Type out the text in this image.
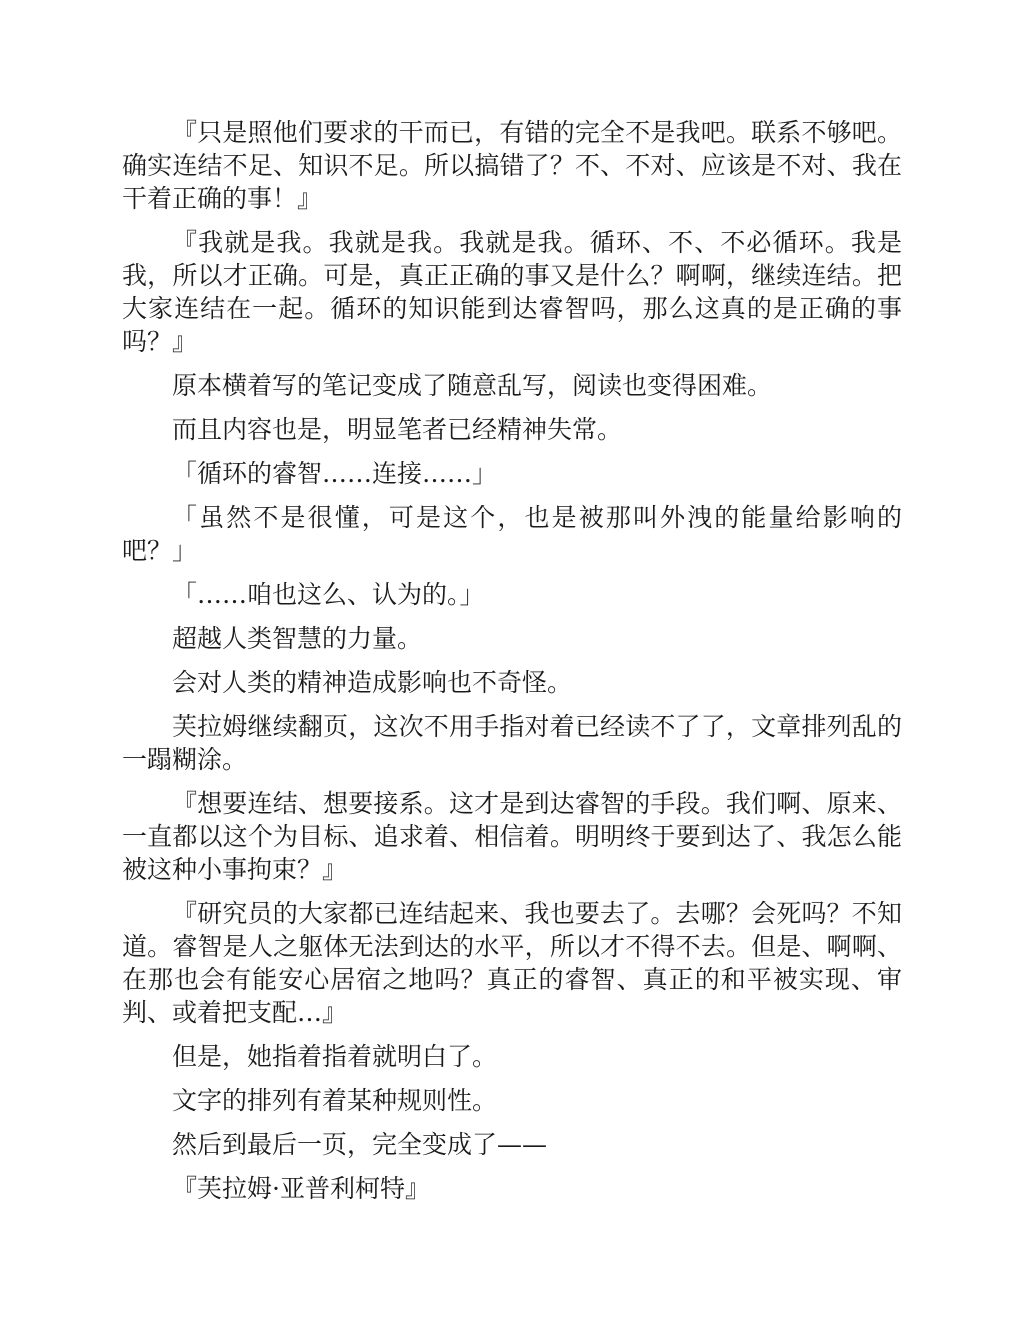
『只是照他们要求的干而已，有错的完全不是我吧。联系不够吧。确实连结不足、知识不足。所以搞错了？不、不对、应该是不对、我在干着正确的事！』

『我就是我。我就是我。我就是我。循环、不、不必循环。我是我，所以才正确。可是，真正正确的事又是什么？啊啊，继续连结。把大家连结在一起。循环的知识能到达睿智吗，那么这真的是正确的事吗？』

原本横着写的笔记变成了随意乱写，阅读也变得困难。

而且内容也是，明显笔者已经精神失常。

「循环的睿智……连接……」

「虽然不是很懂，可是这个，也是被那叫外洩的能量给影响的吧？」

「……咱也这么、认为的。」

超越人类智慧的力量。

会对人类的精神造成影响也不奇怪。

芙拉姆继续翻页，这次不用手指对着已经读不了了，文章排列乱的一蹋糊涂。

『想要连结、想要接系。这才是到达睿智的手段。我们啊、原来、一直都以这个为目标、追求着、相信着。明明终于要到达了、我怎么能被这种小事拘束？』

『研究员的大家都已连结起来、我也要去了。去哪？会死吗？不知道。睿智是人之躯体无法到达的水平，所以才不得不去。但是、啊啊、在那也会有能安心居宿之地吗？真正的睿智、真正的和平被实现、审判、或着把支配…』

但是，她指着指着就明白了。

文字的排列有着某种规则性。

然后到最后一页，完全变成了——

『芙拉姆·亚普利柯特』
